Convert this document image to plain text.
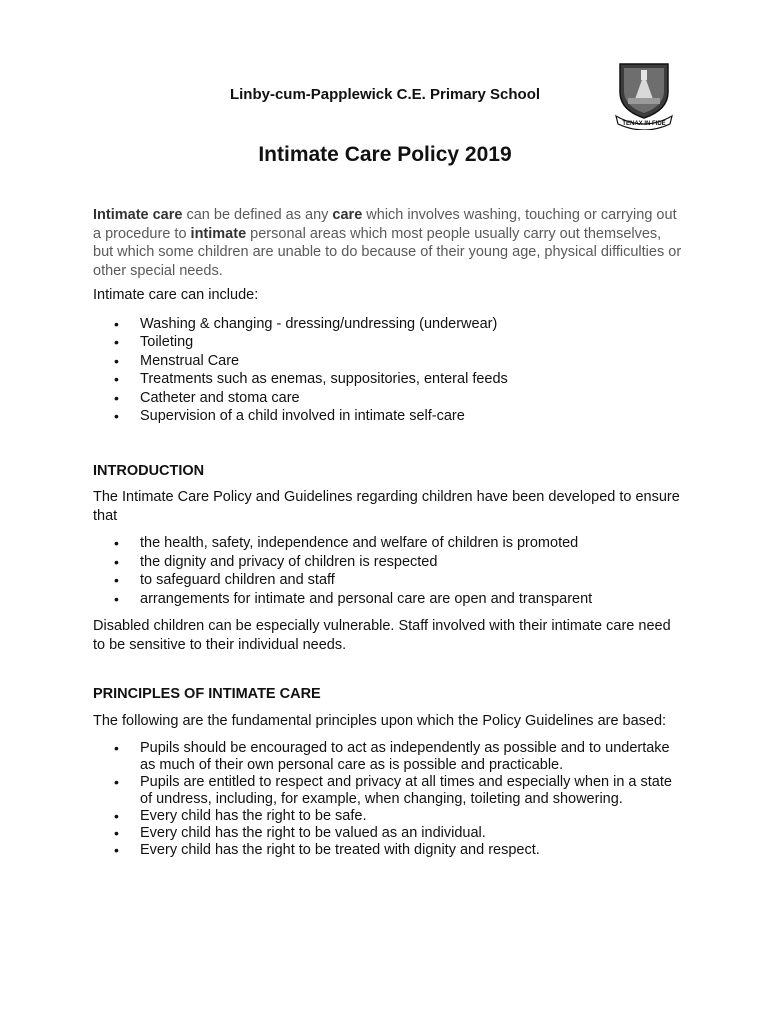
Linby-cum-Papplewick C.E. Primary School
TENAX IN FIDE
Intimate Care Policy 2019

Intimate care can be defined as any care which involves washing, touching or carrying out a procedure to intimate personal areas which most people usually carry out themselves, but which some children are unable to do because of their young age, physical difficulties or other special needs.

Intimate care can include:

• Washing & changing - dressing/undressing (underwear)
• Toileting
• Menstrual Care
• Treatments such as enemas, suppositories, enteral feeds
• Catheter and stoma care
• Supervision of a child involved in intimate self-care

INTRODUCTION

The Intimate Care Policy and Guidelines regarding children have been developed to ensure that

• the health, safety, independence and welfare of children is promoted
• the dignity and privacy of children is respected
• to safeguard children and staff
• arrangements for intimate and personal care are open and transparent

Disabled children can be especially vulnerable. Staff involved with their intimate care need to be sensitive to their individual needs.

PRINCIPLES OF INTIMATE CARE

The following are the fundamental principles upon which the Policy Guidelines are based:

• Pupils should be encouraged to act as independently as possible and to undertake as much of their own personal care as is possible and practicable.
• Pupils are entitled to respect and privacy at all times and especially when in a state of undress, including, for example, when changing, toileting and showering.
• Every child has the right to be safe.
• Every child has the right to be valued as an individual.
• Every child has the right to be treated with dignity and respect.
